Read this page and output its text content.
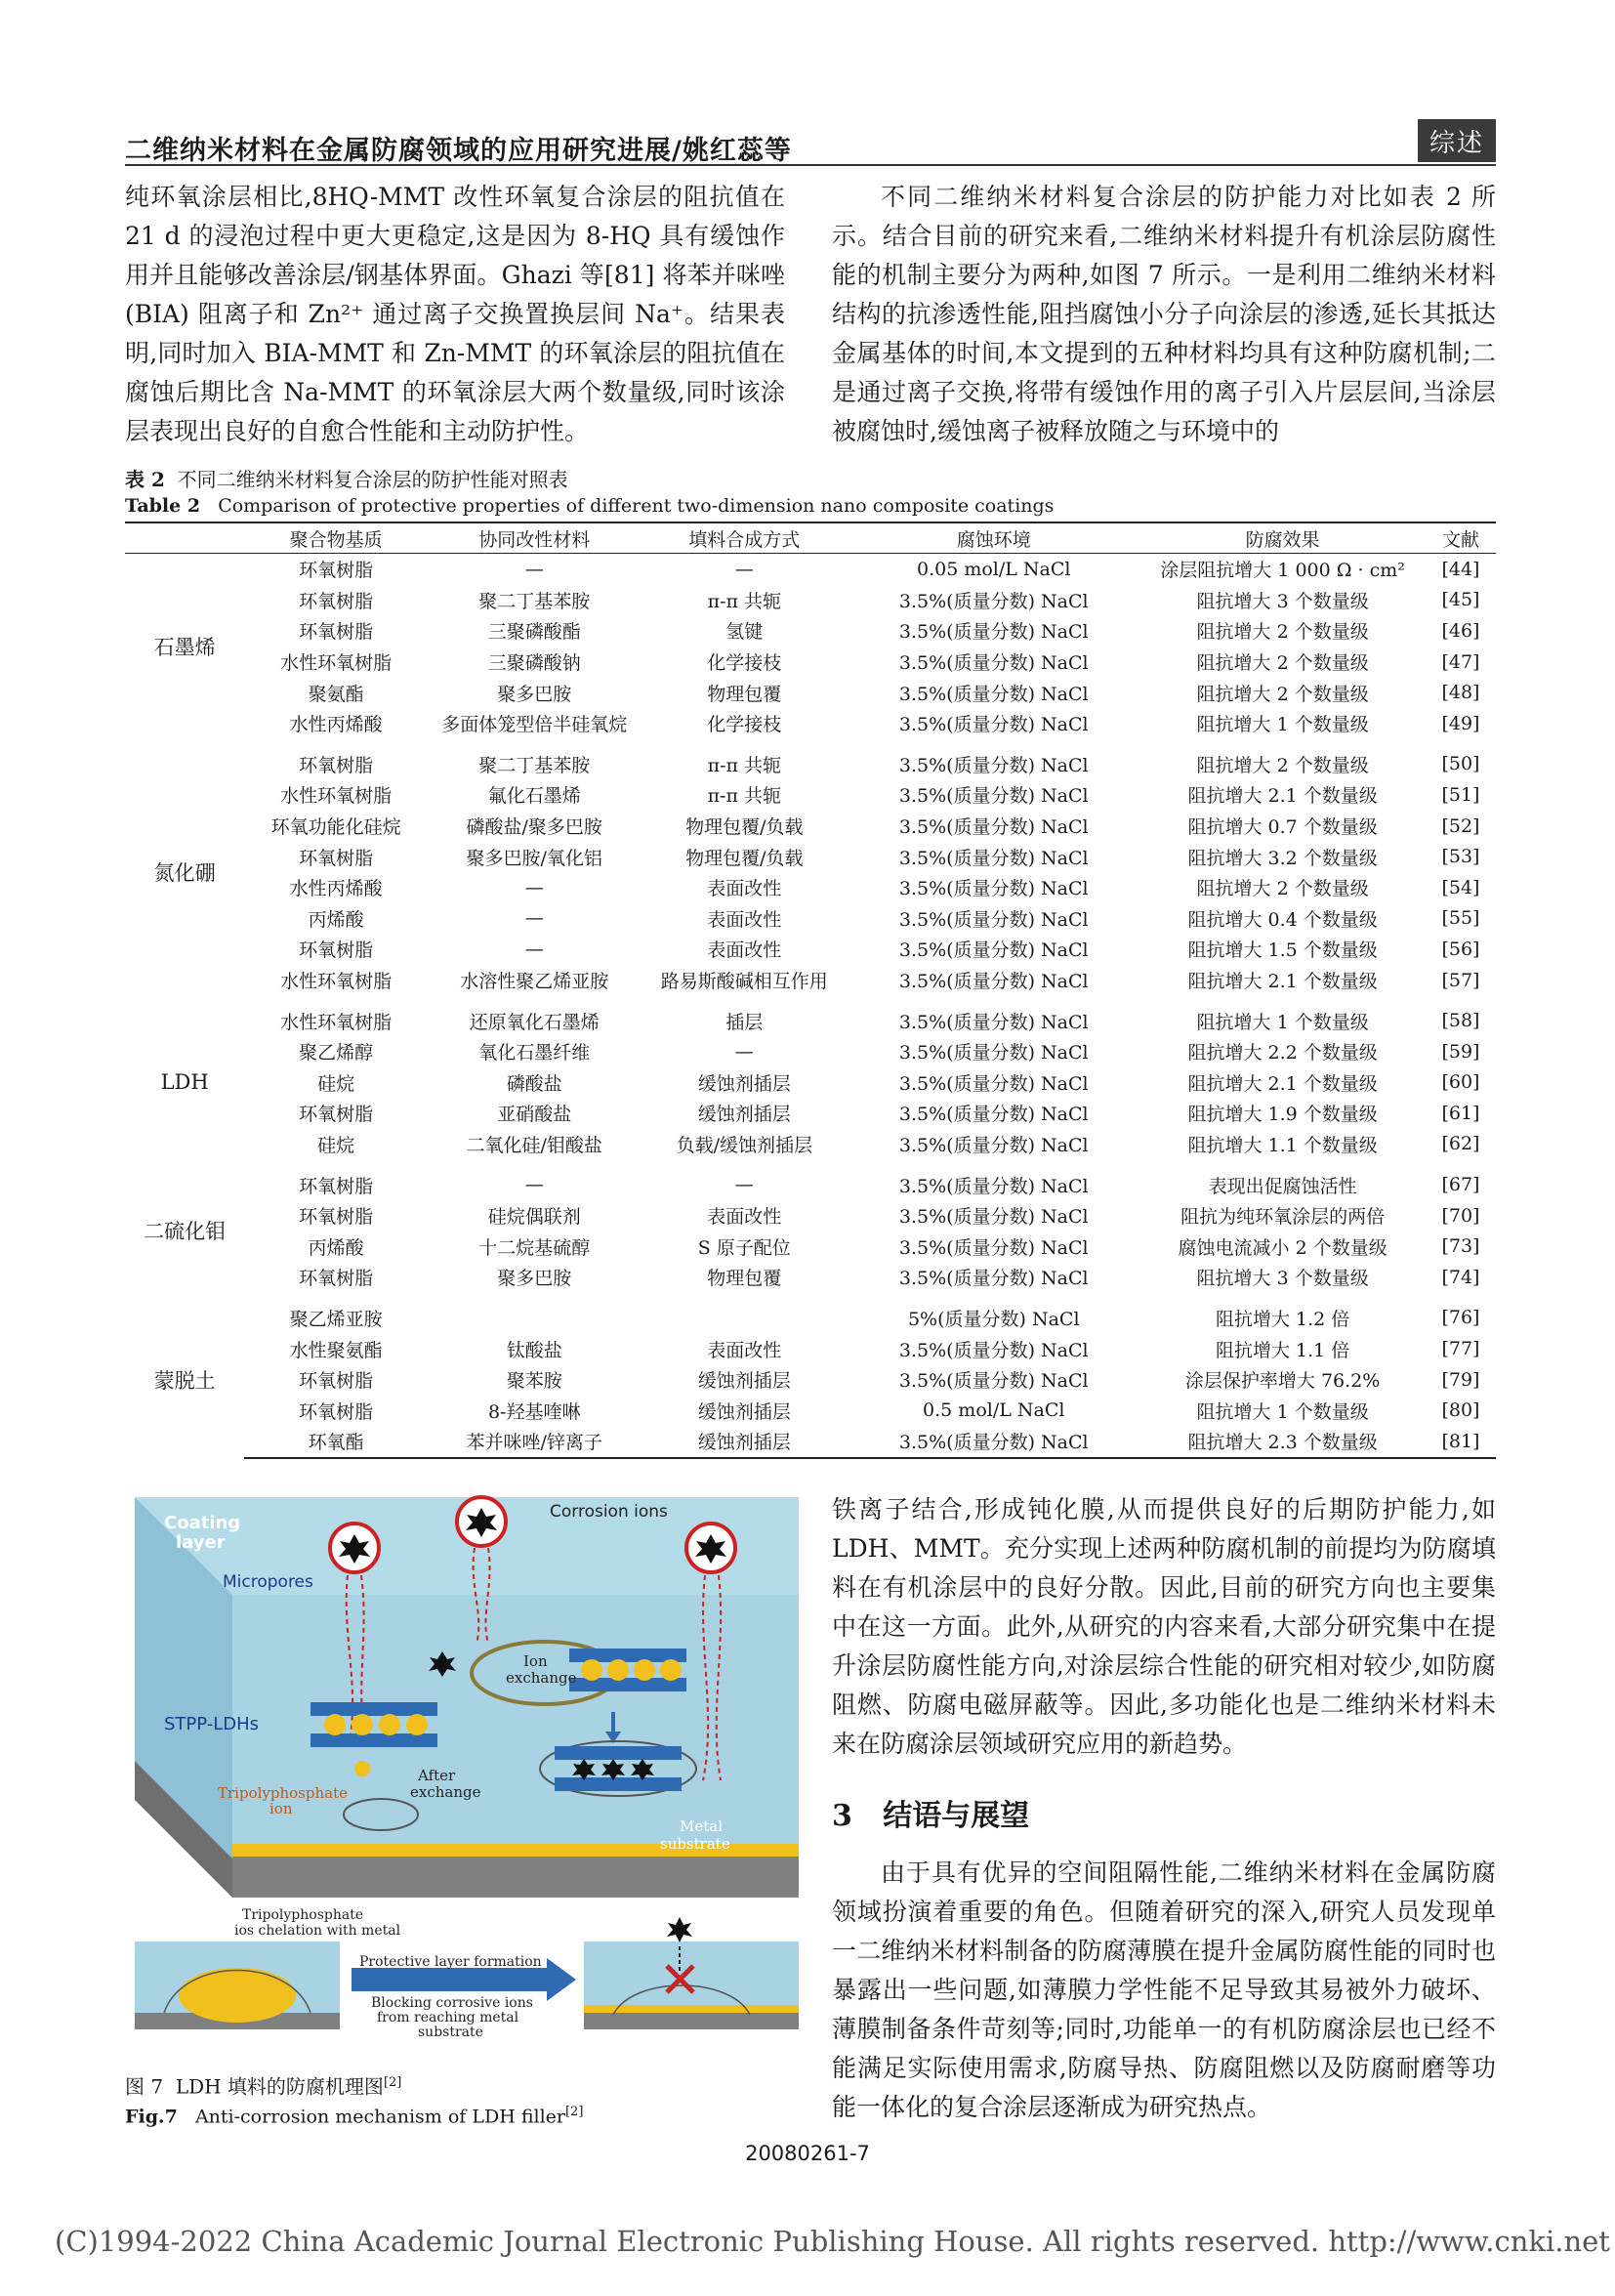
二维纳米材料在金属防腐领域的应用研究进展/姚红蕊等	综述

纯环氧涂层相比,8HQ-MMT 改性环氧复合涂层的阻抗值在 21 d 的浸泡过程中更大更稳定,这是因为 8-HQ 具有缓蚀作用并且能够改善涂层/钢基体界面。Ghazi 等[81] 将苯并咪唑 (BIA) 阻离子和 Zn²⁺ 通过离子交换置换层间 Na⁺。结果表明,同时加入 BIA-MMT 和 Zn-MMT 的环氧涂层的阻抗值在腐蚀后期比含 Na-MMT 的环氧涂层大两个数量级,同时该涂层表现出良好的自愈合性能和主动防护性。

不同二维纳米材料复合涂层的防护能力对比如表 2 所示。结合目前的研究来看,二维纳米材料提升有机涂层防腐性能的机制主要分为两种,如图 7 所示。一是利用二维纳米材料结构的抗渗透性能,阻挡腐蚀小分子向涂层的渗透,延长其抵达金属基体的时间,本文提到的五种材料均具有这种防腐机制;二是通过离子交换,将带有缓蚀作用的离子引入片层层间,当涂层被腐蚀时,缓蚀离子被释放随之与环境中的

表 2 不同二维纳米材料复合涂层的防护性能对照表
Table 2 Comparison of protective properties of different two-dimension nano composite coatings
	聚合物基质	协同改性材料	填料合成方式	腐蚀环境	防腐效果	文献
石墨烯	环氧树脂	—	—	0.05 mol/L NaCl	涂层阻抗增大 1 000 Ω · cm²	[44]
	环氧树脂	聚二丁基苯胺	π-π 共轭	3.5%(质量分数) NaCl	阻抗增大 3 个数量级	[45]
	环氧树脂	三聚磷酸酯	氢键	3.5%(质量分数) NaCl	阻抗增大 2 个数量级	[46]
	水性环氧树脂	三聚磷酸钠	化学接枝	3.5%(质量分数) NaCl	阻抗增大 2 个数量级	[47]
	聚氨酯	聚多巴胺	物理包覆	3.5%(质量分数) NaCl	阻抗增大 2 个数量级	[48]
	水性丙烯酸	多面体笼型倍半硅氧烷	化学接枝	3.5%(质量分数) NaCl	阻抗增大 1 个数量级	[49]
氮化硼	环氧树脂	聚二丁基苯胺	π-π 共轭	3.5%(质量分数) NaCl	阻抗增大 2 个数量级	[50]
	水性环氧树脂	氟化石墨烯	π-π 共轭	3.5%(质量分数) NaCl	阻抗增大 2.1 个数量级	[51]
	环氧功能化硅烷	磷酸盐/聚多巴胺	物理包覆/负载	3.5%(质量分数) NaCl	阻抗增大 0.7 个数量级	[52]
	环氧树脂	聚多巴胺/氧化铝	物理包覆/负载	3.5%(质量分数) NaCl	阻抗增大 3.2 个数量级	[53]
	水性丙烯酸	—	表面改性	3.5%(质量分数) NaCl	阻抗增大 2 个数量级	[54]
	丙烯酸	—	表面改性	3.5%(质量分数) NaCl	阻抗增大 0.4 个数量级	[55]
	环氧树脂	—	表面改性	3.5%(质量分数) NaCl	阻抗增大 1.5 个数量级	[56]
	水性环氧树脂	水溶性聚乙烯亚胺	路易斯酸碱相互作用	3.5%(质量分数) NaCl	阻抗增大 2.1 个数量级	[57]
LDH	水性环氧树脂	还原氧化石墨烯	插层	3.5%(质量分数) NaCl	阻抗增大 1 个数量级	[58]
	聚乙烯醇	氧化石墨纤维	—	3.5%(质量分数) NaCl	阻抗增大 2.2 个数量级	[59]
	硅烷	磷酸盐	缓蚀剂插层	3.5%(质量分数) NaCl	阻抗增大 2.1 个数量级	[60]
	环氧树脂	亚硝酸盐	缓蚀剂插层	3.5%(质量分数) NaCl	阻抗增大 1.9 个数量级	[61]
	硅烷	二氧化硅/钼酸盐	负载/缓蚀剂插层	3.5%(质量分数) NaCl	阻抗增大 1.1 个数量级	[62]
二硫化钼	环氧树脂	—	—	3.5%(质量分数) NaCl	表现出促腐蚀活性	[67]
	环氧树脂	硅烷偶联剂	表面改性	3.5%(质量分数) NaCl	阻抗为纯环氧涂层的两倍	[70]
	丙烯酸	十二烷基硫醇	S 原子配位	3.5%(质量分数) NaCl	腐蚀电流减小 2 个数量级	[73]
	环氧树脂	聚多巴胺	物理包覆	3.5%(质量分数) NaCl	阻抗增大 3 个数量级	[74]
蒙脱土	聚乙烯亚胺			5%(质量分数) NaCl	阻抗增大 1.2 倍	[76]
	水性聚氨酯	钛酸盐	表面改性	3.5%(质量分数) NaCl	阻抗增大 1.1 倍	[77]
	环氧树脂	聚苯胺	缓蚀剂插层	3.5%(质量分数) NaCl	涂层保护率增大 76.2%	[79]
	环氧树脂	8-羟基喹啉	缓蚀剂插层	0.5 mol/L NaCl	阻抗增大 1 个数量级	[80]
	环氧酯	苯并咪唑/锌离子	缓蚀剂插层	3.5%(质量分数) NaCl	阻抗增大 2.3 个数量级	[81]
Coating
layer
Corrosion ions
Micropores
Ion
exchange
STPP-LDHs
After
exchange
Tripolyphosphate
ion
Metal
substrate
Tripolyphosphate
ios chelation with metal
Protective layer formation
Blocking corrosive ions
from reaching metal
substrate
图 7 LDH 填料的防腐机理图[2]
Fig.7 Anti-corrosion mechanism of LDH filler[2]

铁离子结合,形成钝化膜,从而提供良好的后期防护能力,如 LDH、MMT。充分实现上述两种防腐机制的前提均为防腐填料在有机涂层中的良好分散。因此,目前的研究方向也主要集中在这一方面。此外,从研究的内容来看,大部分研究集中在提升涂层防腐性能方向,对涂层综合性能的研究相对较少,如防腐阻燃、防腐电磁屏蔽等。因此,多功能化也是二维纳米材料未来在防腐涂层领域研究应用的新趋势。

3 结语与展望

由于具有优异的空间阻隔性能,二维纳米材料在金属防腐领域扮演着重要的角色。但随着研究的深入,研究人员发现单一二维纳米材料制备的防腐薄膜在提升金属防腐性能的同时也暴露出一些问题,如薄膜力学性能不足导致其易被外力破坏、薄膜制备条件苛刻等;同时,功能单一的有机防腐涂层也已经不能满足实际使用需求,防腐导热、防腐阻燃以及防腐耐磨等功能一体化的复合涂层逐渐成为研究热点。

20080261-7
(C)1994-2022 China Academic Journal Electronic Publishing House. All rights reserved. http://www.cnki.net
